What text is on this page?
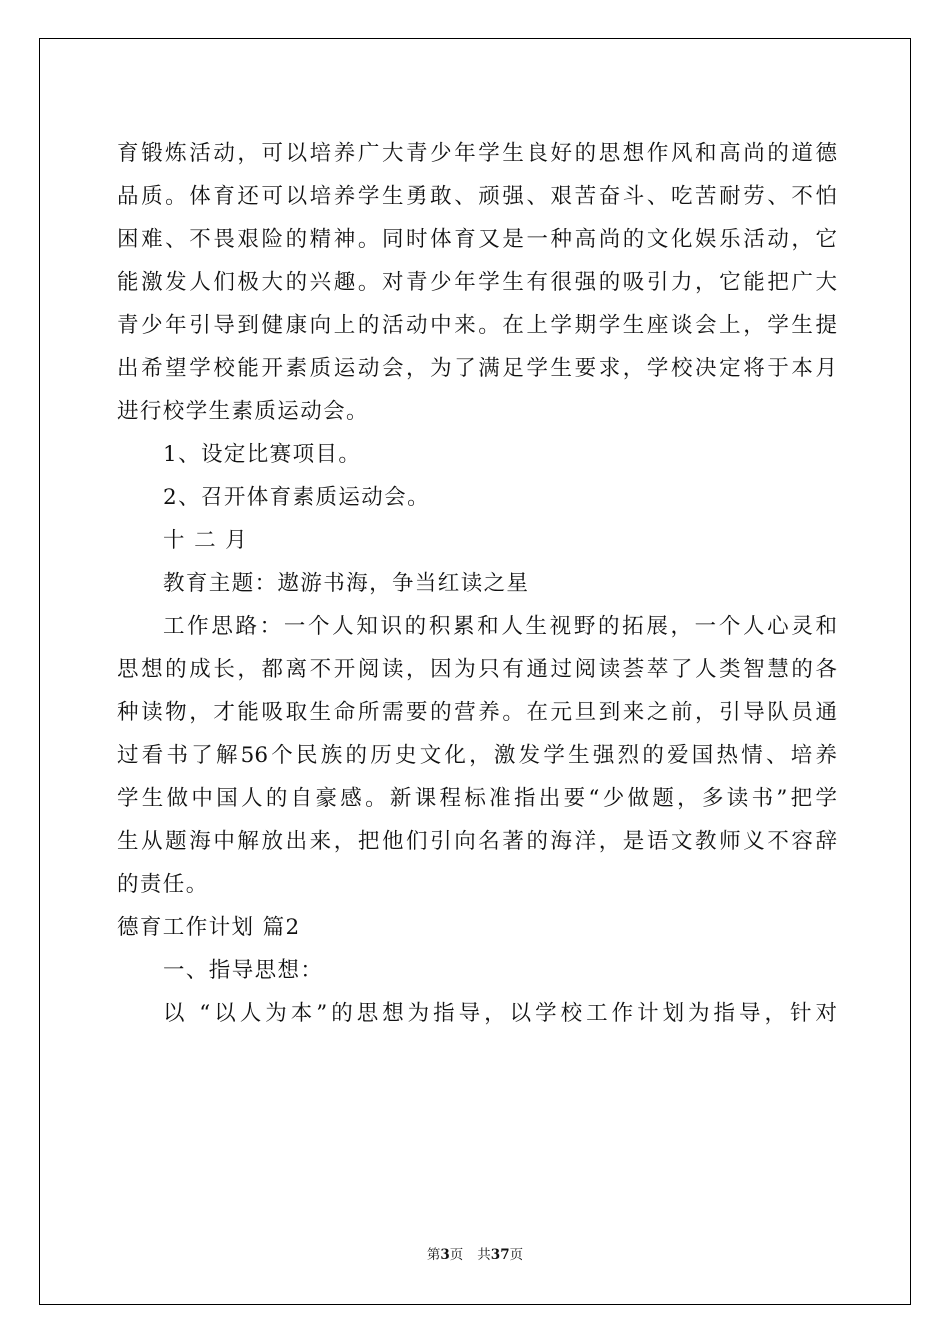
育锻炼活动，可以培养广大青少年学生良好的思想作风和高尚的道德
品质。体育还可以培养学生勇敢、顽强、艰苦奋斗、吃苦耐劳、不怕
困难、不畏艰险的精神。同时体育又是一种高尚的文化娱乐活动，它
能激发人们极大的兴趣。对青少年学生有很强的吸引力，它能把广大
青少年引导到健康向上的活动中来。在上学期学生座谈会上，学生提
出希望学校能开素质运动会，为了满足学生要求，学校决定将于本月
进行校学生素质运动会。
1、设定比赛项目。
2、召开体育素质运动会。
十 二 月
教育主题：遨游书海，争当红读之星
工作思路：一个人知识的积累和人生视野的拓展，一个人心灵和
思想的成长，都离不开阅读，因为只有通过阅读荟萃了人类智慧的各
种读物，才能吸取生命所需要的营养。在元旦到来之前，引导队员通
过看书了解56个民族的历史文化，激发学生强烈的爱国热情、培养
学生做中国人的自豪感。新课程标准指出要“少做题，多读书”把学
生从题海中解放出来，把他们引向名著的海洋，是语文教师义不容辞
的责任。
德育工作计划 篇2
一、指导思想：
以 “以人为本”的思想为指导，以学校工作计划为指导，针对
第3页 共37页
